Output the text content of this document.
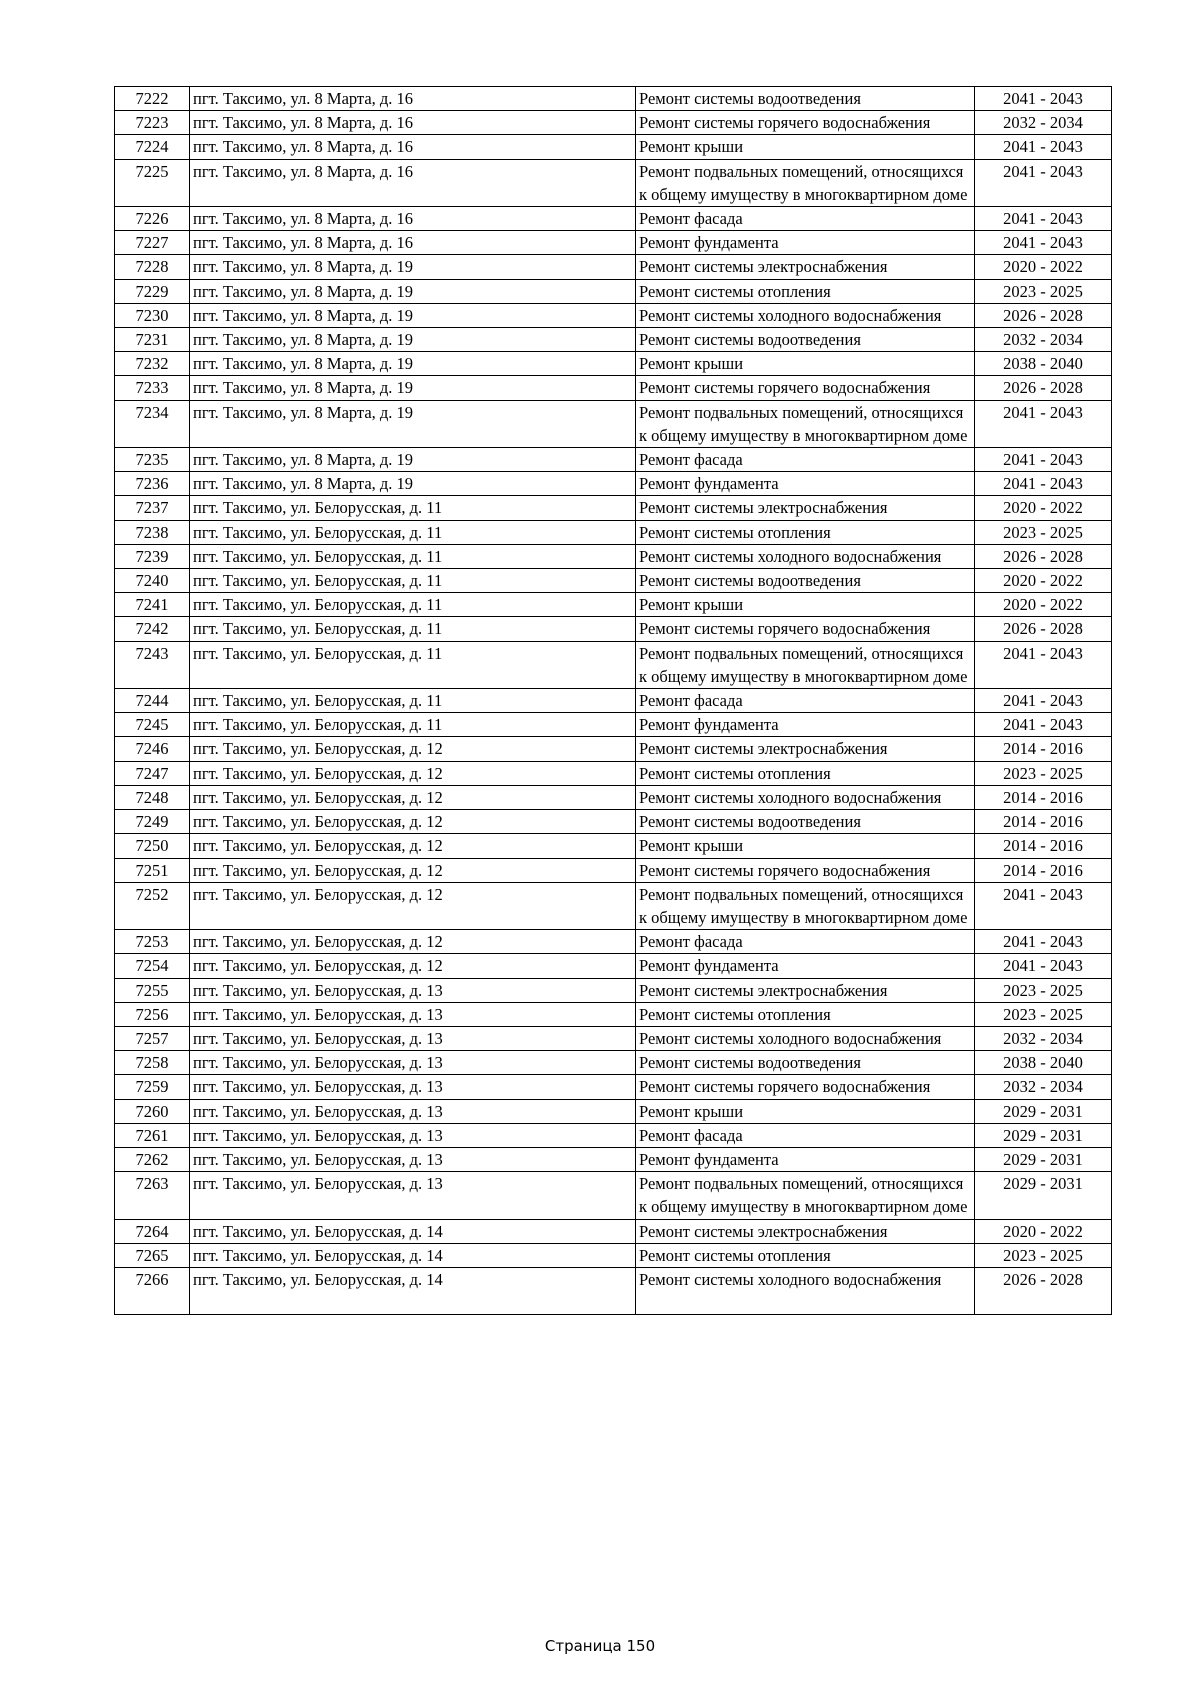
7222	пгт. Таксимо, ул. 8 Марта, д. 16	Ремонт системы водоотведения	2041 - 2043
7223	пгт. Таксимо, ул. 8 Марта, д. 16	Ремонт системы горячего водоснабжения	2032 - 2034
7224	пгт. Таксимо, ул. 8 Марта, д. 16	Ремонт крыши	2041 - 2043
7225	пгт. Таксимо, ул. 8 Марта, д. 16	Ремонт подвальных помещений, относящихся к общему имуществу в многоквартирном доме	2041 - 2043
7226	пгт. Таксимо, ул. 8 Марта, д. 16	Ремонт фасада	2041 - 2043
7227	пгт. Таксимо, ул. 8 Марта, д. 16	Ремонт фундамента	2041 - 2043
7228	пгт. Таксимо, ул. 8 Марта, д. 19	Ремонт системы электроснабжения	2020 - 2022
7229	пгт. Таксимо, ул. 8 Марта, д. 19	Ремонт системы отопления	2023 - 2025
7230	пгт. Таксимо, ул. 8 Марта, д. 19	Ремонт системы холодного водоснабжения	2026 - 2028
7231	пгт. Таксимо, ул. 8 Марта, д. 19	Ремонт системы водоотведения	2032 - 2034
7232	пгт. Таксимо, ул. 8 Марта, д. 19	Ремонт крыши	2038 - 2040
7233	пгт. Таксимо, ул. 8 Марта, д. 19	Ремонт системы горячего водоснабжения	2026 - 2028
7234	пгт. Таксимо, ул. 8 Марта, д. 19	Ремонт подвальных помещений, относящихся к общему имуществу в многоквартирном доме	2041 - 2043
7235	пгт. Таксимо, ул. 8 Марта, д. 19	Ремонт фасада	2041 - 2043
7236	пгт. Таксимо, ул. 8 Марта, д. 19	Ремонт фундамента	2041 - 2043
7237	пгт. Таксимо, ул. Белорусская, д. 11	Ремонт системы электроснабжения	2020 - 2022
7238	пгт. Таксимо, ул. Белорусская, д. 11	Ремонт системы отопления	2023 - 2025
7239	пгт. Таксимо, ул. Белорусская, д. 11	Ремонт системы холодного водоснабжения	2026 - 2028
7240	пгт. Таксимо, ул. Белорусская, д. 11	Ремонт системы водоотведения	2020 - 2022
7241	пгт. Таксимо, ул. Белорусская, д. 11	Ремонт крыши	2020 - 2022
7242	пгт. Таксимо, ул. Белорусская, д. 11	Ремонт системы горячего водоснабжения	2026 - 2028
7243	пгт. Таксимо, ул. Белорусская, д. 11	Ремонт подвальных помещений, относящихся к общему имуществу в многоквартирном доме	2041 - 2043
7244	пгт. Таксимо, ул. Белорусская, д. 11	Ремонт фасада	2041 - 2043
7245	пгт. Таксимо, ул. Белорусская, д. 11	Ремонт фундамента	2041 - 2043
7246	пгт. Таксимо, ул. Белорусская, д. 12	Ремонт системы электроснабжения	2014 - 2016
7247	пгт. Таксимо, ул. Белорусская, д. 12	Ремонт системы отопления	2023 - 2025
7248	пгт. Таксимо, ул. Белорусская, д. 12	Ремонт системы холодного водоснабжения	2014 - 2016
7249	пгт. Таксимо, ул. Белорусская, д. 12	Ремонт системы водоотведения	2014 - 2016
7250	пгт. Таксимо, ул. Белорусская, д. 12	Ремонт крыши	2014 - 2016
7251	пгт. Таксимо, ул. Белорусская, д. 12	Ремонт системы горячего водоснабжения	2014 - 2016
7252	пгт. Таксимо, ул. Белорусская, д. 12	Ремонт подвальных помещений, относящихся к общему имуществу в многоквартирном доме	2041 - 2043
7253	пгт. Таксимо, ул. Белорусская, д. 12	Ремонт фасада	2041 - 2043
7254	пгт. Таксимо, ул. Белорусская, д. 12	Ремонт фундамента	2041 - 2043
7255	пгт. Таксимо, ул. Белорусская, д. 13	Ремонт системы электроснабжения	2023 - 2025
7256	пгт. Таксимо, ул. Белорусская, д. 13	Ремонт системы отопления	2023 - 2025
7257	пгт. Таксимо, ул. Белорусская, д. 13	Ремонт системы холодного водоснабжения	2032 - 2034
7258	пгт. Таксимо, ул. Белорусская, д. 13	Ремонт системы водоотведения	2038 - 2040
7259	пгт. Таксимо, ул. Белорусская, д. 13	Ремонт системы горячего водоснабжения	2032 - 2034
7260	пгт. Таксимо, ул. Белорусская, д. 13	Ремонт крыши	2029 - 2031
7261	пгт. Таксимо, ул. Белорусская, д. 13	Ремонт фасада	2029 - 2031
7262	пгт. Таксимо, ул. Белорусская, д. 13	Ремонт фундамента	2029 - 2031
7263	пгт. Таксимо, ул. Белорусская, д. 13	Ремонт подвальных помещений, относящихся к общему имуществу в многоквартирном доме	2029 - 2031
7264	пгт. Таксимо, ул. Белорусская, д. 14	Ремонт системы электроснабжения	2020 - 2022
7265	пгт. Таксимо, ул. Белорусская, д. 14	Ремонт системы отопления	2023 - 2025
7266	пгт. Таксимо, ул. Белорусская, д. 14	Ремонт системы холодного водоснабжения	2026 - 2028
Страница 150
